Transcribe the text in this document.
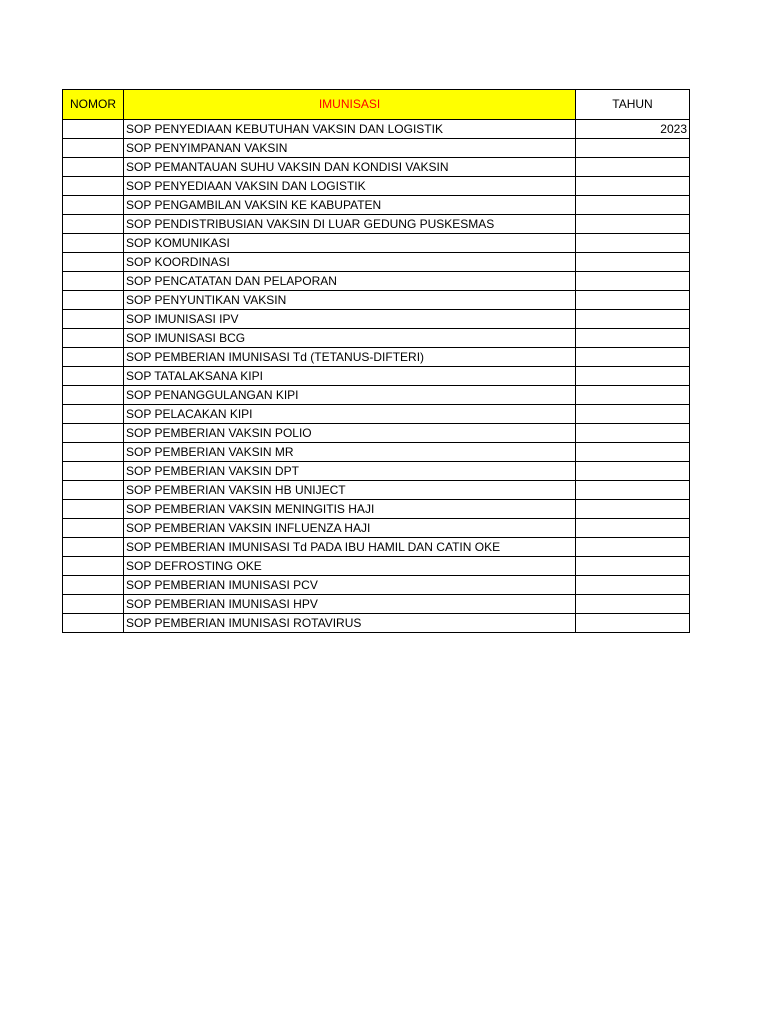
NOMOR	IMUNISASI	TAHUN
	SOP PENYEDIAAN KEBUTUHAN VAKSIN DAN LOGISTIK	2023
	SOP PENYIMPANAN VAKSIN	
	SOP PEMANTAUAN SUHU VAKSIN DAN KONDISI VAKSIN	
	SOP PENYEDIAAN VAKSIN DAN LOGISTIK	
	SOP PENGAMBILAN VAKSIN KE KABUPATEN	
	SOP PENDISTRIBUSIAN VAKSIN DI LUAR GEDUNG PUSKESMAS	
	SOP KOMUNIKASI	
	SOP KOORDINASI	
	SOP PENCATATAN DAN PELAPORAN	
	SOP PENYUNTIKAN VAKSIN	
	SOP IMUNISASI IPV	
	SOP IMUNISASI BCG	
	SOP PEMBERIAN IMUNISASI Td (TETANUS-DIFTERI)	
	SOP TATALAKSANA KIPI	
	SOP PENANGGULANGAN KIPI	
	SOP PELACAKAN KIPI	
	SOP PEMBERIAN VAKSIN POLIO	
	SOP PEMBERIAN VAKSIN MR	
	SOP PEMBERIAN VAKSIN DPT	
	SOP PEMBERIAN VAKSIN HB UNIJECT	
	SOP PEMBERIAN VAKSIN MENINGITIS HAJI	
	SOP PEMBERIAN VAKSIN INFLUENZA HAJI	
	SOP PEMBERIAN IMUNISASI Td PADA IBU HAMIL DAN CATIN OKE	
	SOP DEFROSTING OKE	
	SOP PEMBERIAN IMUNISASI PCV	
	SOP PEMBERIAN IMUNISASI HPV	
	SOP PEMBERIAN IMUNISASI ROTAVIRUS	
